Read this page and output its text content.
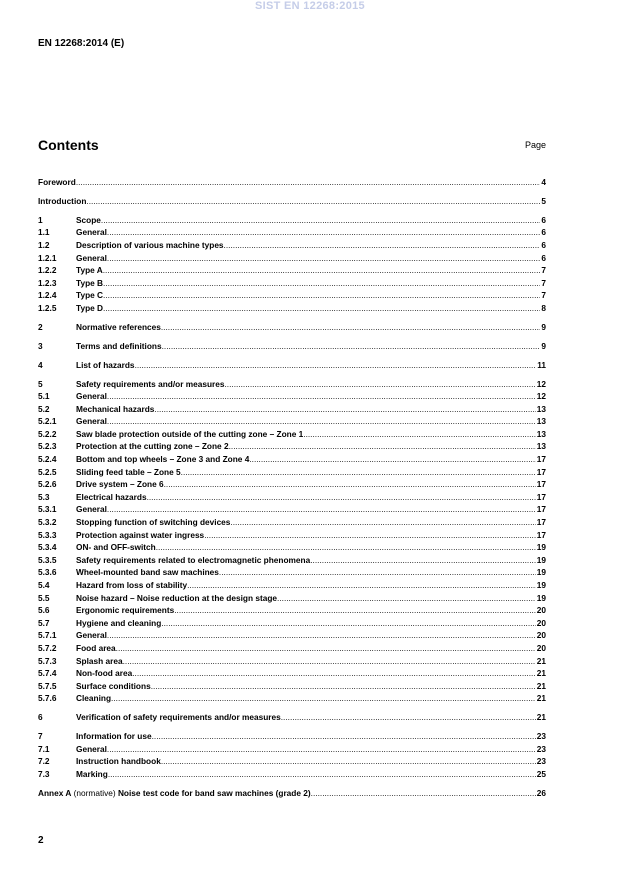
SIST EN 12268:2015
EN 12268:2014 (E)
Contents	Page
Foreword .....	4
Introduction .....	5
1	Scope .....	6
1.1	General .....	6
1.2	Description of various machine types .....	6
1.2.1	General .....	6
1.2.2	Type A .....	7
1.2.3	Type B .....	7
1.2.4	Type C .....	7
1.2.5	Type D .....	8
2	Normative references .....	9
3	Terms and definitions .....	9
4	List of hazards .....	11
5	Safety requirements and/or measures .....	12
5.1	General .....	12
5.2	Mechanical hazards .....	13
5.2.1	General .....	13
5.2.2	Saw blade protection outside of the cutting zone – Zone 1 .....	13
5.2.3	Protection at the cutting zone – Zone 2 .....	13
5.2.4	Bottom and top wheels – Zone 3 and Zone 4 .....	17
5.2.5	Sliding feed table – Zone 5 .....	17
5.2.6	Drive system – Zone 6 .....	17
5.3	Electrical hazards .....	17
5.3.1	General .....	17
5.3.2	Stopping function of switching devices .....	17
5.3.3	Protection against water ingress .....	17
5.3.4	ON- and OFF-switch .....	19
5.3.5	Safety requirements related to electromagnetic phenomena .....	19
5.3.6	Wheel-mounted band saw machines .....	19
5.4	Hazard from loss of stability .....	19
5.5	Noise hazard – Noise reduction at the design stage .....	19
5.6	Ergonomic requirements .....	20
5.7	Hygiene and cleaning .....	20
5.7.1	General .....	20
5.7.2	Food area .....	20
5.7.3	Splash area .....	21
5.7.4	Non-food area .....	21
5.7.5	Surface conditions .....	21
5.7.6	Cleaning .....	21
6	Verification of safety requirements and/or measures .....	21
7	Information for use .....	23
7.1	General .....	23
7.2	Instruction handbook .....	23
7.3	Marking .....	25
Annex A (normative) Noise test code for band saw machines (grade 2) .....	26
2
